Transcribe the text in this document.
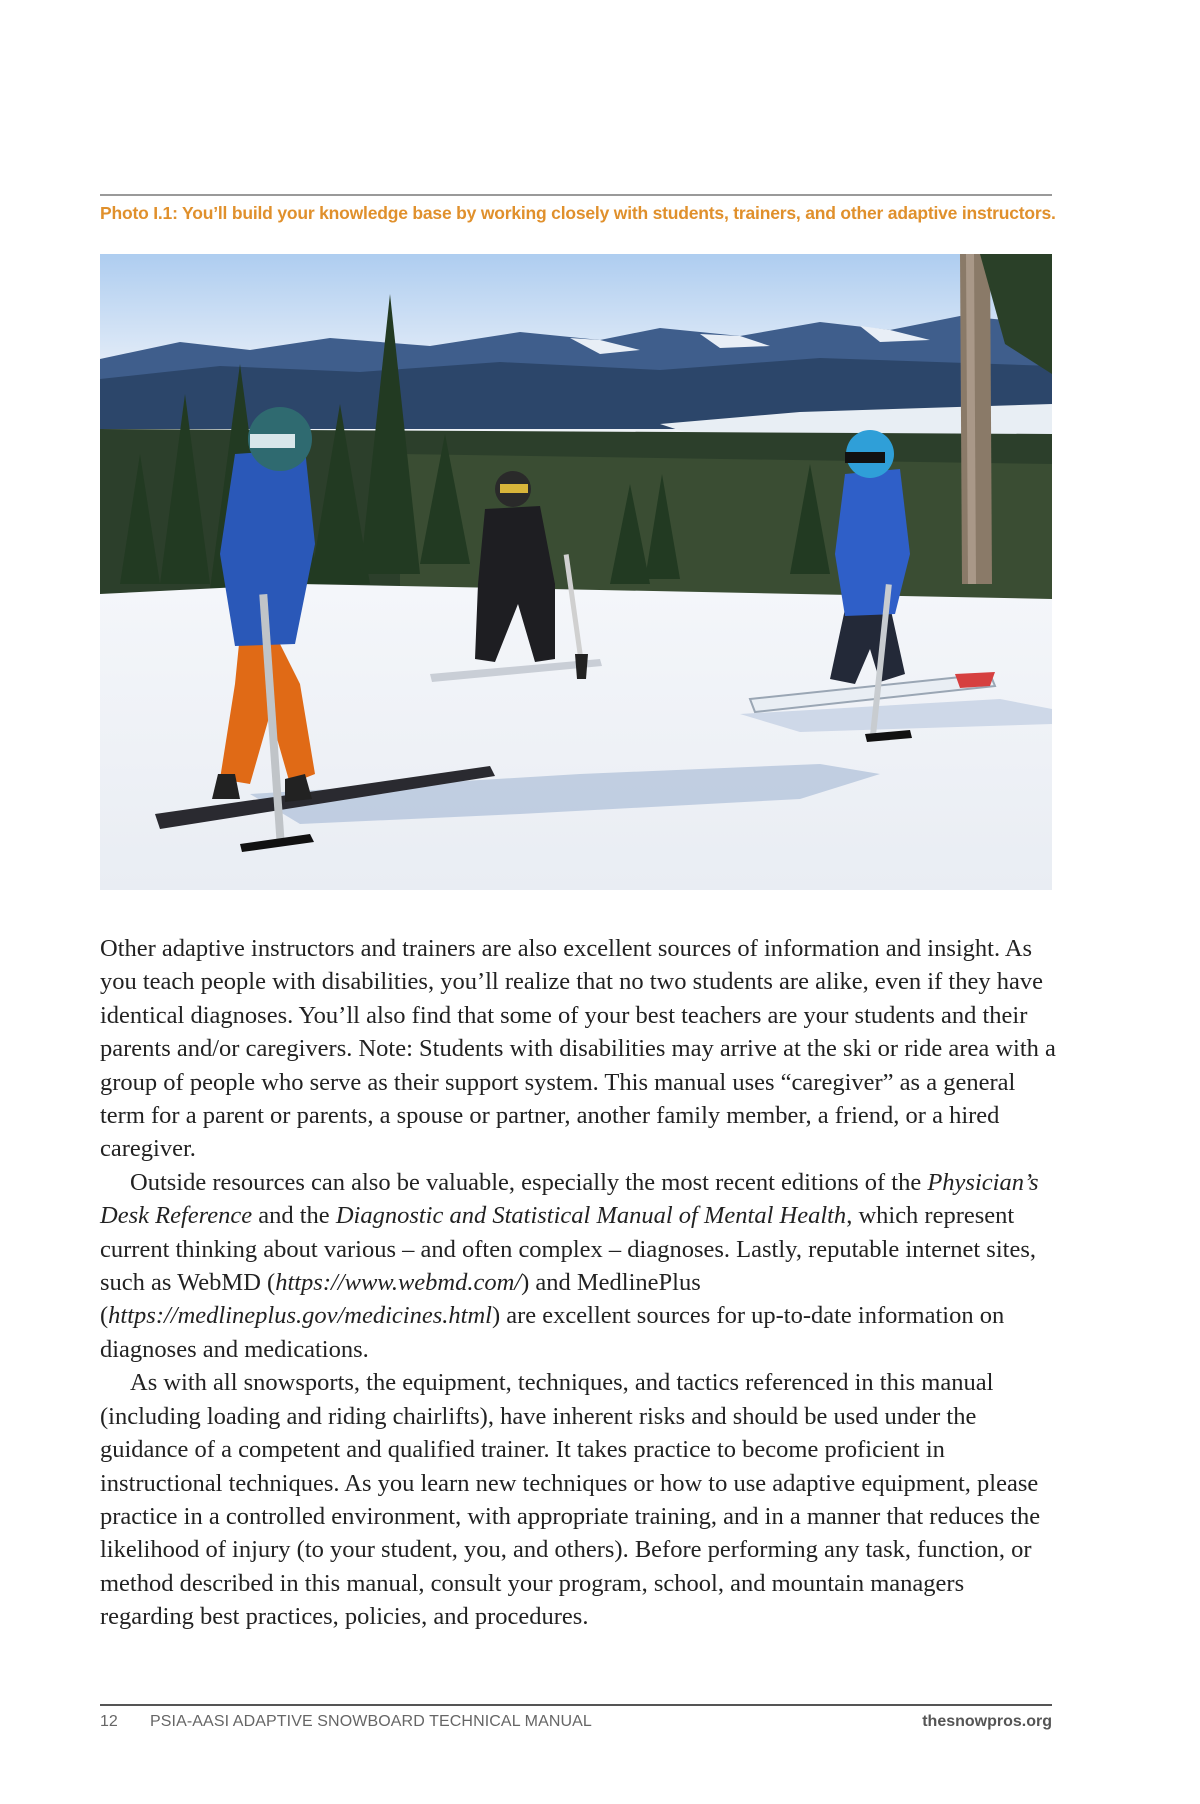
Photo I.1: You’ll build your knowledge base by working closely with students, trainers, and other adaptive instructors.

Other adaptive instructors and trainers are also excellent sources of information and insight. As you teach people with disabilities, you’ll realize that no two students are alike, even if they have identical diagnoses. You’ll also find that some of your best teachers are your students and their parents and/or caregivers. Note: Students with disabilities may arrive at the ski or ride area with a group of people who serve as their support system. This manual uses “caregiver” as a general term for a parent or parents, a spouse or partner, another family member, a friend, or a hired caregiver.

Outside resources can also be valuable, especially the most recent editions of the Physician’s Desk Reference and the Diagnostic and Statistical Manual of Mental Health, which represent current thinking about various – and often complex – diagnoses. Lastly, reputable internet sites, such as WebMD (https://www.webmd.com/) and MedlinePlus (https://medlineplus.gov/medicines.html) are excellent sources for up-to-date information on diagnoses and medications.

As with all snowsports, the equipment, techniques, and tactics referenced in this manual (including loading and riding chairlifts), have inherent risks and should be used under the guidance of a competent and qualified trainer. It takes practice to become proficient in instructional techniques. As you learn new techniques or how to use adaptive equipment, please practice in a controlled environment, with appropriate training, and in a manner that reduces the likelihood of injury (to your student, you, and others). Before performing any task, function, or method described in this manual, consult your program, school, and mountain managers regarding best practices, policies, and procedures.

12 PSIA-AASI ADAPTIVE SNOWBOARD TECHNICAL MANUAL	thesnowpros.org
